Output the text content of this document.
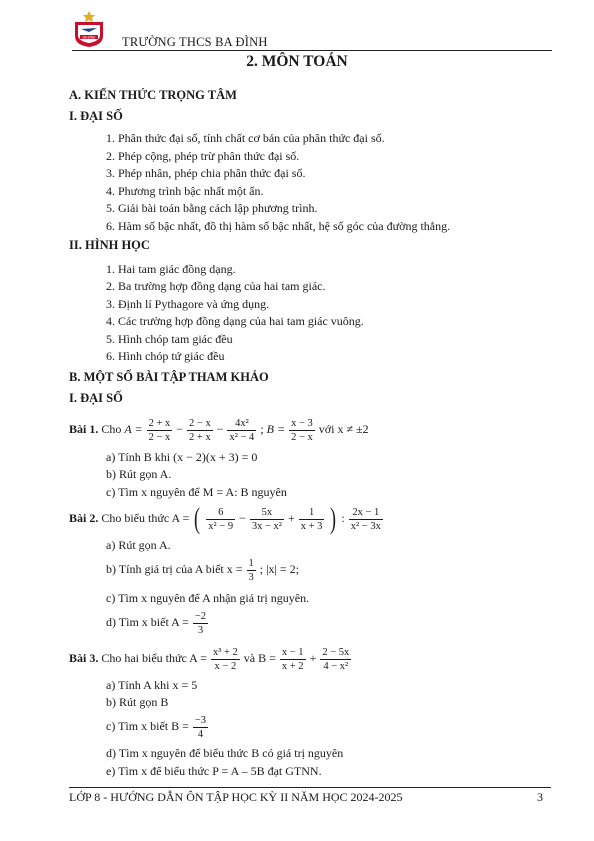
BA ĐÌNH TRƯỜNG THCS BA ĐÌNH
2. MÔN TOÁN
A. KIẾN THỨC TRỌNG TÂM
I. ĐẠI SỐ
1. Phân thức đại số, tính chất cơ bản của phân thức đại số.
2. Phép cộng, phép trừ phân thức đại số.
3. Phép nhân, phép chia phân thức đại số.
4. Phương trình bậc nhất một ẩn.
5. Giải bài toán bằng cách lập phương trình.
6. Hàm số bậc nhất, đồ thị hàm số bậc nhất, hệ số góc của đường thẳng.
II. HÌNH HỌC
1. Hai tam giác đồng dạng.
2. Ba trường hợp đồng dạng của hai tam giác.
3. Định lí Pythagore và ứng dụng.
4. Các trường hợp đồng dạng của hai tam giác vuông.
5. Hình chóp tam giác đều
6. Hình chóp tứ giác đều
B. MỘT SỐ BÀI TẬP THAM KHẢO
I. ĐẠI SỐ
Bài 1. Cho $A = \frac{2 + x}{2 - x} - \frac{2 - x}{2 + x} - \frac{\text{4x²}}{\text{x² − 4}}$ ; $B = \frac{x - 3}{2 - x}$ với x ≠ ±2
a) Tính B khi (x − 2)(x + 3) = 0
b) Rút gọn A.
c) Tìm x nguyên để M = A: B nguyên
Bài 2. Cho biểu thức A = ( $\frac{6}{\text{x² − 9}} - \frac{5x}{\text{3x − x²}} + \frac{1}{x + 3}$ ) : $\frac{2x - 1}{\text{x² − 3x}}$
a) Rút gọn A.
b) Tính giá trị của A biết $x = \frac{1}{3}$ ; |x| = 2;
c) Tìm x nguyên để A nhận giá trị nguyên.
d) Tìm x biết $A = \frac{-2}{3}$
Bài 3. Cho hai biểu thức $A = \frac{\text{x³ + 2}}{x - 2}$ và $B = \frac{x - 1}{x + 2} + \frac{2 - 5x}{\text{4 − x²}}$
a) Tính A khi x = 5
b) Rút gọn B
c) Tìm x biết $B = \frac{-3}{4}$
d) Tìm x nguyên để biểu thức B có giá trị nguyên
e) Tìm x để biểu thức P = A – 5B đạt GTNN.
LỚP 8 - HƯỚNG DẪN ÔN TẬP HỌC KỲ II NĂM HỌC 2024-2025	3
